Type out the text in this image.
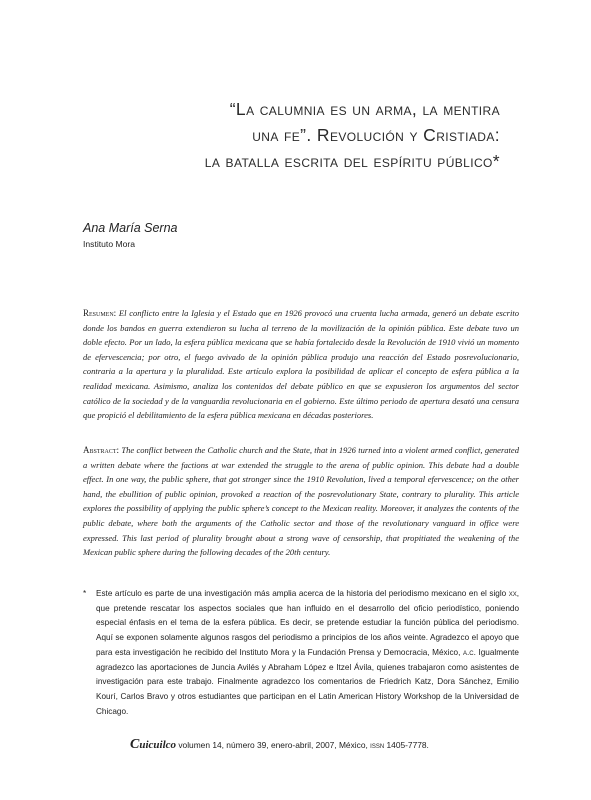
“La calumnia es un arma, la mentira
una fe”. Revolución y Cristiada:
la batalla escrita del espíritu público*
Ana María Serna
Instituto Mora

Resumen: El conflicto entre la Iglesia y el Estado que en 1926 provocó una cruenta lucha armada, generó un debate escrito donde los bandos en guerra extendieron su lucha al terreno de la movilización de la opinión pública. Este debate tuvo un doble efecto. Por un lado, la esfera pública mexicana que se había fortalecido desde la Revolución de 1910 vivió un momento de efervescencia; por otro, el fuego avivado de la opinión pública produjo una reacción del Estado posrevolucionario, contraria a la apertura y la pluralidad. Este artículo explora la posibilidad de aplicar el concepto de esfera pública a la realidad mexicana. Asimismo, analiza los contenidos del debate público en que se expusieron los argumentos del sector católico de la sociedad y de la vanguardia revolucionaria en el gobierno. Este último periodo de apertura desató una censura que propició el debilitamiento de la esfera pública mexicana en décadas posteriores.

Abstract: The conflict between the Catholic church and the State, that in 1926 turned into a violent armed conflict, generated a written debate where the factions at war extended the struggle to the arena of public opinion. This debate had a double effect. In one way, the public sphere, that got stronger since the 1910 Revolution, lived a temporal efervescence; on the other hand, the ebullition of public opinion, provoked a reaction of the posrevolutionary State, contrary to plurality. This article explores the possibility of applying the public sphere’s concept to the Mexican reality. Moreover, it analyzes the contents of the public debate, where both the arguments of the Catholic sector and those of the revolutionary vanguard in office were expressed. This last period of plurality brought about a strong wave of censorship, that propitiated the weakening of the Mexican public sphere during the following decades of the 20th century.

* Este artículo es parte de una investigación más amplia acerca de la historia del periodismo mexicano en el siglo xx, que pretende rescatar los aspectos sociales que han influido en el desarrollo del oficio periodístico, poniendo especial énfasis en el tema de la esfera pública. Es decir, se pretende estudiar la función pública del periodismo. Aquí se exponen solamente algunos rasgos del periodismo a principios de los años veinte. Agradezco el apoyo que para esta investigación he recibido del Instituto Mora y la Fundación Prensa y Democracia, México, a.c. Igualmente agradezco las aportaciones de Juncia Avilés y Abraham López e Itzel Ávila, quienes trabajaron como asistentes de investigación para este trabajo. Finalmente agradezco los comentarios de Friedrich Katz, Dora Sánchez, Emilio Kourí, Carlos Bravo y otros estudiantes que participan en el Latin American History Workshop de la Universidad de Chicago.

Cuicuilco volumen 14, número 39, enero-abril, 2007, México, issn 1405-7778.
